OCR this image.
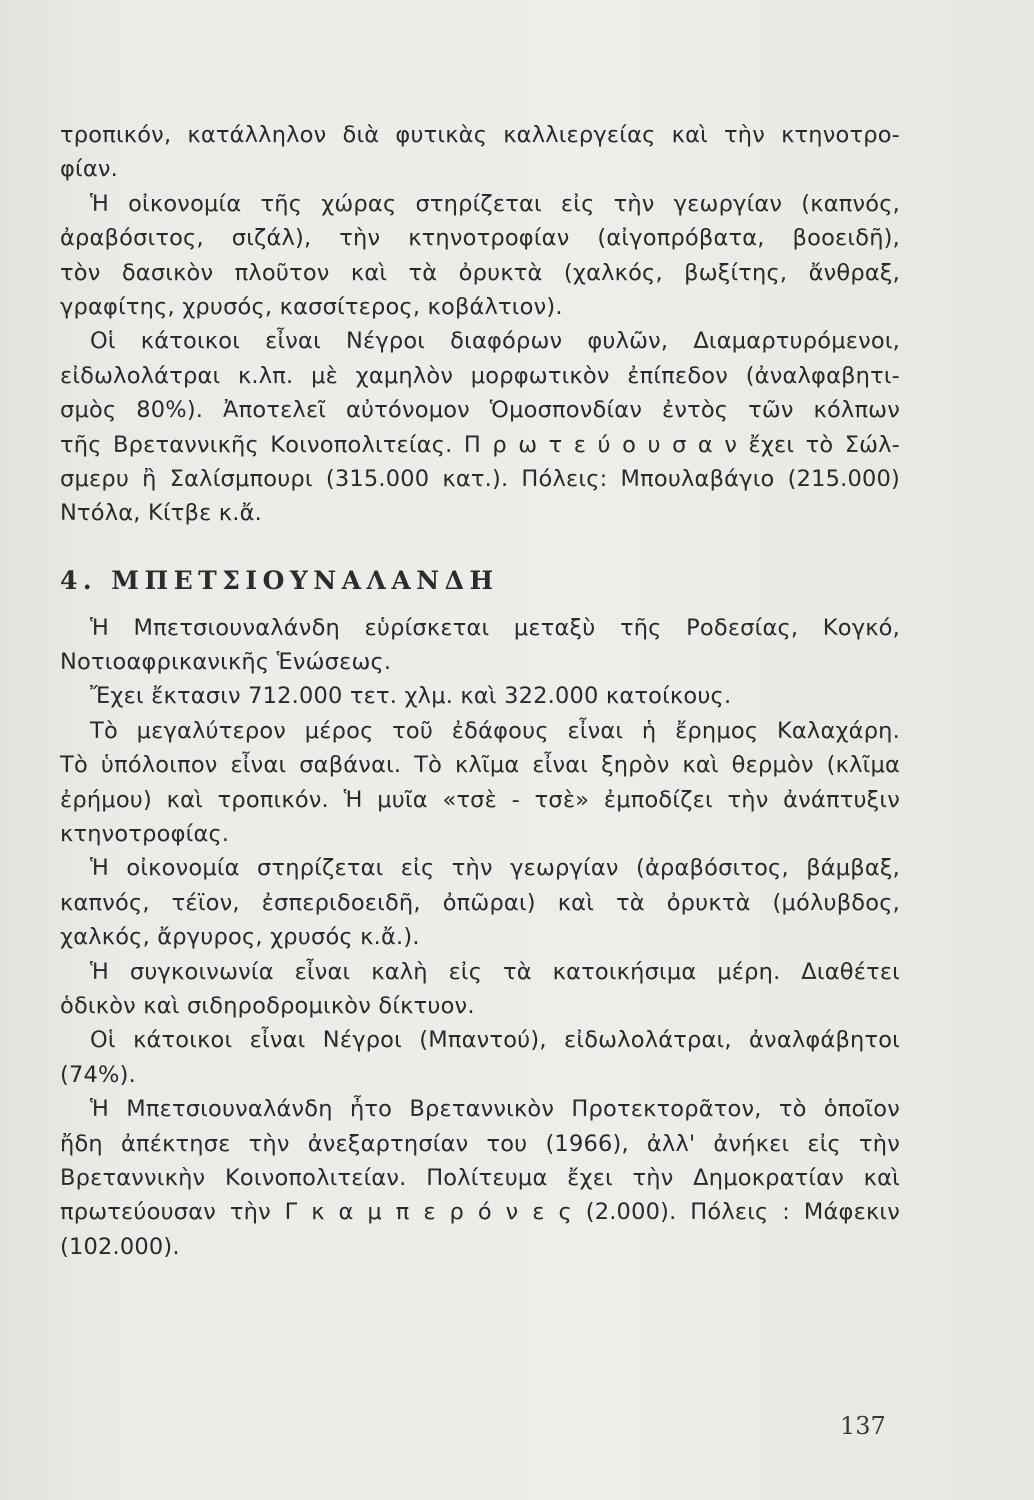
τροπικόν, κατάλληλον διὰ φυτικὰς καλλιεργείας καὶ τὴν κτηνοτρο-
φίαν.
Ἡ οἰκονομία τῆς χώρας στηρίζεται εἰς τὴν γεωργίαν (καπνός,
ἀραβόσιτος, σιζάλ), τὴν κτηνοτροφίαν (αἰγοπρόβατα, βοοειδῆ),
τὸν δασικὸν πλοῦτον καὶ τὰ ὀρυκτὰ (χαλκός, βωξίτης, ἄνθραξ,
γραφίτης, χρυσός, κασσίτερος, κοβάλτιον).
Οἱ κάτοικοι εἶναι Νέγροι διαφόρων φυλῶν, Διαμαρτυρόμενοι,
εἰδωλολάτραι κ.λπ. μὲ χαμηλὸν μορφωτικὸν ἐπίπεδον (ἀναλφαβητι-
σμὸς 80%). Ἀποτελεῖ αὐτόνομον Ὁμοσπονδίαν ἐντὸς τῶν κόλπων
τῆς Βρεταννικῆς Κοινοπολιτείας. Π ρ ω τ ε ύ ο υ σ α ν ἔχει τὸ Σώλ-
σμερυ ἢ Σαλίσμπουρι (315.000 κατ.). Πόλεις: Μπουλαβάγιο (215.000)
Ντόλα, Κίτβε κ.ἄ.
4. ΜΠΕΤΣΙΟΥΝΑΛΑΝΔΗ
Ἡ Μπετσιουναλάνδη εὑρίσκεται μεταξὺ τῆς Ροδεσίας, Κογκό,
Νοτιοαφρικανικῆς Ἑνώσεως.
Ἔχει ἔκτασιν 712.000 τετ. χλμ. καὶ 322.000 κατοίκους.
Τὸ μεγαλύτερον μέρος τοῦ ἐδάφους εἶναι ἡ ἔρημος Καλαχάρη.
Τὸ ὑπόλοιπον εἶναι σαβάναι. Τὸ κλῖμα εἶναι ξηρὸν καὶ θερμὸν (κλῖμα
ἐρήμου) καὶ τροπικόν. Ἡ μυῖα «τσὲ - τσὲ» ἐμποδίζει τὴν ἀνάπτυξιν
κτηνοτροφίας.
Ἡ οἰκονομία στηρίζεται εἰς τὴν γεωργίαν (ἀραβόσιτος, βάμβαξ,
καπνός, τέϊον, ἐσπεριδοειδῆ, ὀπῶραι) καὶ τὰ ὀρυκτὰ (μόλυβδος,
χαλκός, ἄργυρος, χρυσός κ.ἄ.).
Ἡ συγκοινωνία εἶναι καλὴ εἰς τὰ κατοικήσιμα μέρη. Διαθέτει
ὁδικὸν καὶ σιδηροδρομικὸν δίκτυον.
Οἱ κάτοικοι εἶναι Νέγροι (Μπαντού), εἰδωλολάτραι, ἀναλφάβητοι
(74%).
Ἡ Μπετσιουναλάνδη ἦτο Βρεταννικὸν Προτεκτορᾶτον, τὸ ὁποῖον
ἤδη ἀπέκτησε τὴν ἀνεξαρτησίαν του (1966), ἀλλ' ἀνήκει εἰς τὴν
Βρεταννικὴν Κοινοπολιτείαν. Πολίτευμα ἔχει τὴν Δημοκρατίαν καὶ
πρωτεύουσαν τὴν Γ κ α μ π ε ρ ό ν ε ς (2.000). Πόλεις : Μάφεκιν
(102.000).
137
